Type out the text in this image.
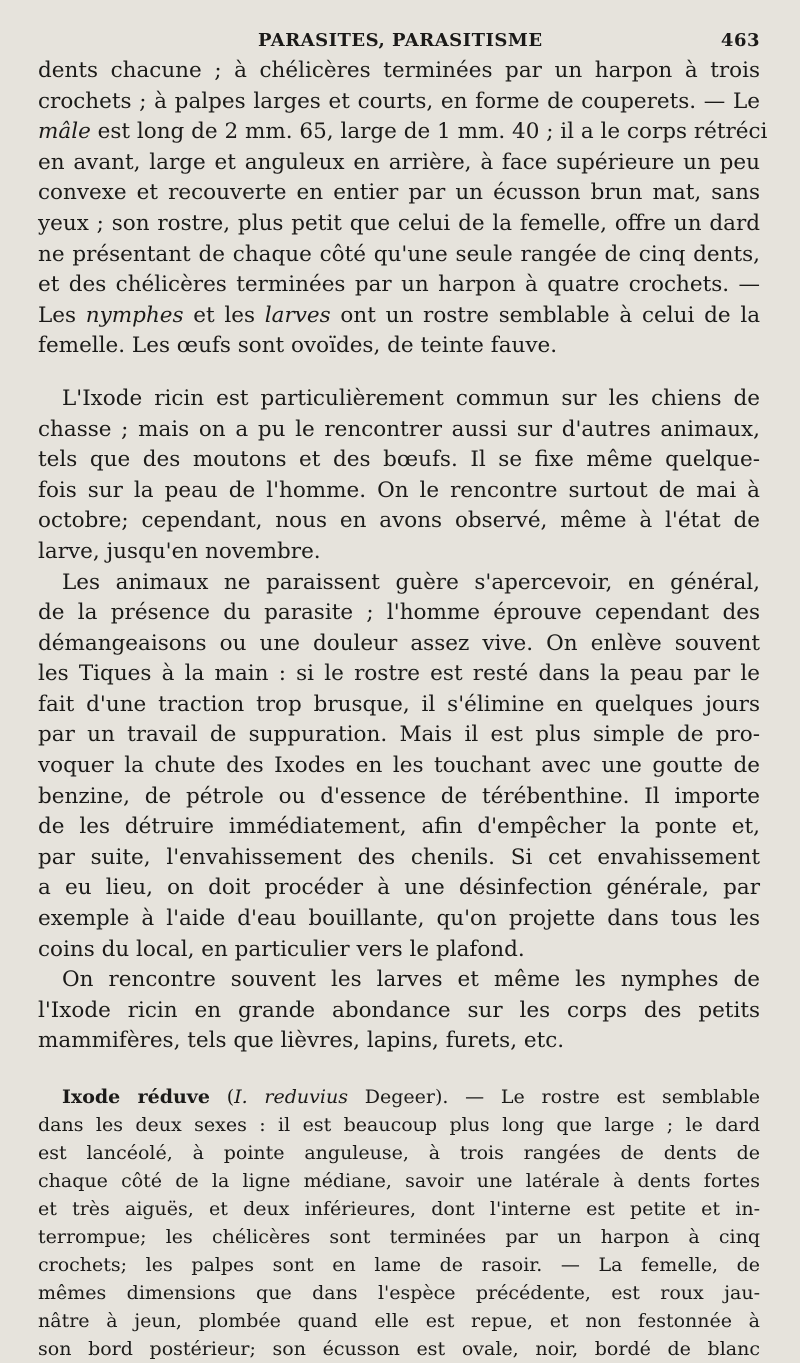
PARASITES, PARASITISME	463
dents chacune ; à chélicères terminées par un harpon à trois
crochets ; à palpes larges et courts, en forme de couperets. — Le
mâle est long de 2 mm. 65, large de 1 mm. 40 ; il a le corps rétréci
en avant, large et anguleux en arrière, à face supérieure un peu
convexe et recouverte en entier par un écusson brun mat, sans
yeux ; son rostre, plus petit que celui de la femelle, offre un dard
ne présentant de chaque côté qu'une seule rangée de cinq dents,
et des chélicères terminées par un harpon à quatre crochets. —
Les nymphes et les larves ont un rostre semblable à celui de la
femelle. Les œufs sont ovoïdes, de teinte fauve.
L'Ixode ricin est particulièrement commun sur les chiens de
chasse ; mais on a pu le rencontrer aussi sur d'autres animaux,
tels que des moutons et des bœufs. Il se fixe même quelque-
fois sur la peau de l'homme. On le rencontre surtout de mai à
octobre; cependant, nous en avons observé, même à l'état de
larve, jusqu'en novembre.
Les animaux ne paraissent guère s'apercevoir, en général,
de la présence du parasite ; l'homme éprouve cependant des
démangeaisons ou une douleur assez vive. On enlève souvent
les Tiques à la main : si le rostre est resté dans la peau par le
fait d'une traction trop brusque, il s'élimine en quelques jours
par un travail de suppuration. Mais il est plus simple de pro-
voquer la chute des Ixodes en les touchant avec une goutte de
benzine, de pétrole ou d'essence de térébenthine. Il importe
de les détruire immédiatement, afin d'empêcher la ponte et,
par suite, l'envahissement des chenils. Si cet envahissement
a eu lieu, on doit procéder à une désinfection générale, par
exemple à l'aide d'eau bouillante, qu'on projette dans tous les
coins du local, en particulier vers le plafond.
On rencontre souvent les larves et même les nymphes de
l'Ixode ricin en grande abondance sur les corps des petits
mammifères, tels que lièvres, lapins, furets, etc.
Ixode réduve (I. reduvius Degeer). — Le rostre est semblable
dans les deux sexes : il est beaucoup plus long que large ; le dard
est lancéolé, à pointe anguleuse, à trois rangées de dents de
chaque côté de la ligne médiane, savoir une latérale à dents fortes
et très aiguës, et deux inférieures, dont l'interne est petite et in-
terrompue; les chélicères sont terminées par un harpon à cinq
crochets; les palpes sont en lame de rasoir. — La femelle, de
mêmes dimensions que dans l'espèce précédente, est roux jau-
nâtre à jeun, plombée quand elle est repue, et non festonnée à
son bord postérieur; son écusson est ovale, noir, bordé de blanc
